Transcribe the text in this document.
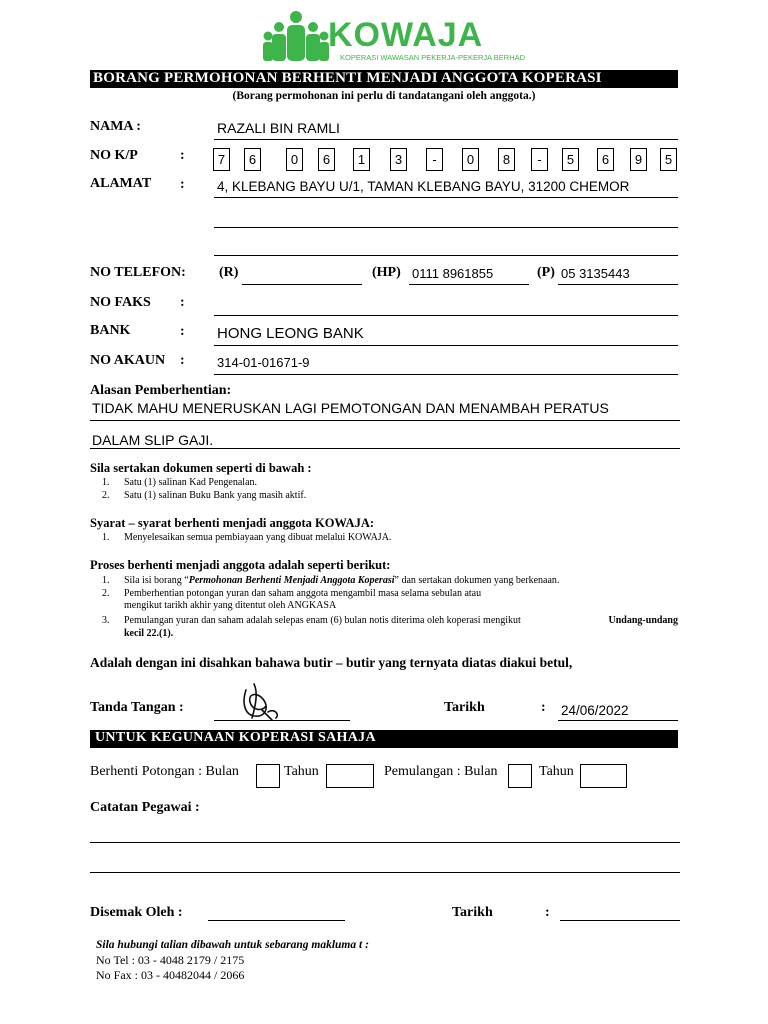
KOWAJA
KOPERASI WAWASAN PEKERJA-PEKERJA BERHAD
BORANG PERMOHONAN BERHENTI MENJADI ANGGOTA KOPERASI
(Borang permohonan ini perlu di tandatangani oleh anggota.)
NAMA :	RAZALI BIN RAMLI
NO K/P	:	7	6	0	6	1	3	-	0	8	-	5	6	9	5
ALAMAT : 4, KLEBANG BAYU U/1, TAMAN KLEBANG BAYU, 31200 CHEMOR
NO TELEFON: (R)	(HP) 0111 8961855	(P) 05 3135443
NO FAKS :
BANK	: HONG LEONG BANK
NO AKAUN : 314-01-01671-9
Alasan Pemberhentian:
TIDAK MAHU MENERUSKAN LAGI PEMOTONGAN DAN MENAMBAH PERATUS
DALAM SLIP GAJI.
Sila sertakan dokumen seperti di bawah :
1. Satu (1) salinan Kad Pengenalan.
2. Satu (1) salinan Buku Bank yang masih aktif.
Syarat – syarat berhenti menjadi anggota KOWAJA:
1. Menyelesaikan semua pembiayaan yang dibuat melalui KOWAJA.
Proses berhenti menjadi anggota adalah seperti berikut:
1. Sila isi borang “Permohonan Berhenti Menjadi Anggota Koperasi” dan sertakan dokumen yang berkenaan.
2. Pemberhentian potongan yuran dan saham anggota mengambil masa selama sebulan atau
mengikut tarikh akhir yang ditentut oleh ANGKASA
3. Pemulangan yuran dan saham adalah selepas enam (6) bulan notis diterima oleh koperasi mengikut	Undang-undang
kecil 22.(1).
Adalah dengan ini disahkan bahawa butir – butir yang ternyata diatas diakui betul,
Tanda Tangan :	Tarikh	: 24/06/2022
UNTUK KEGUNAAN KOPERASI SAHAJA
Berhenti Potongan : Bulan	Tahun	Pemulangan : Bulan	Tahun
Catatan Pegawai :
Disemak Oleh :	Tarikh	:
Sila hubungi talian dibawah untuk sebarang makluma t :
No Tel : 03 - 4048 2179 / 2175
No Fax : 03 - 40482044 / 2066
